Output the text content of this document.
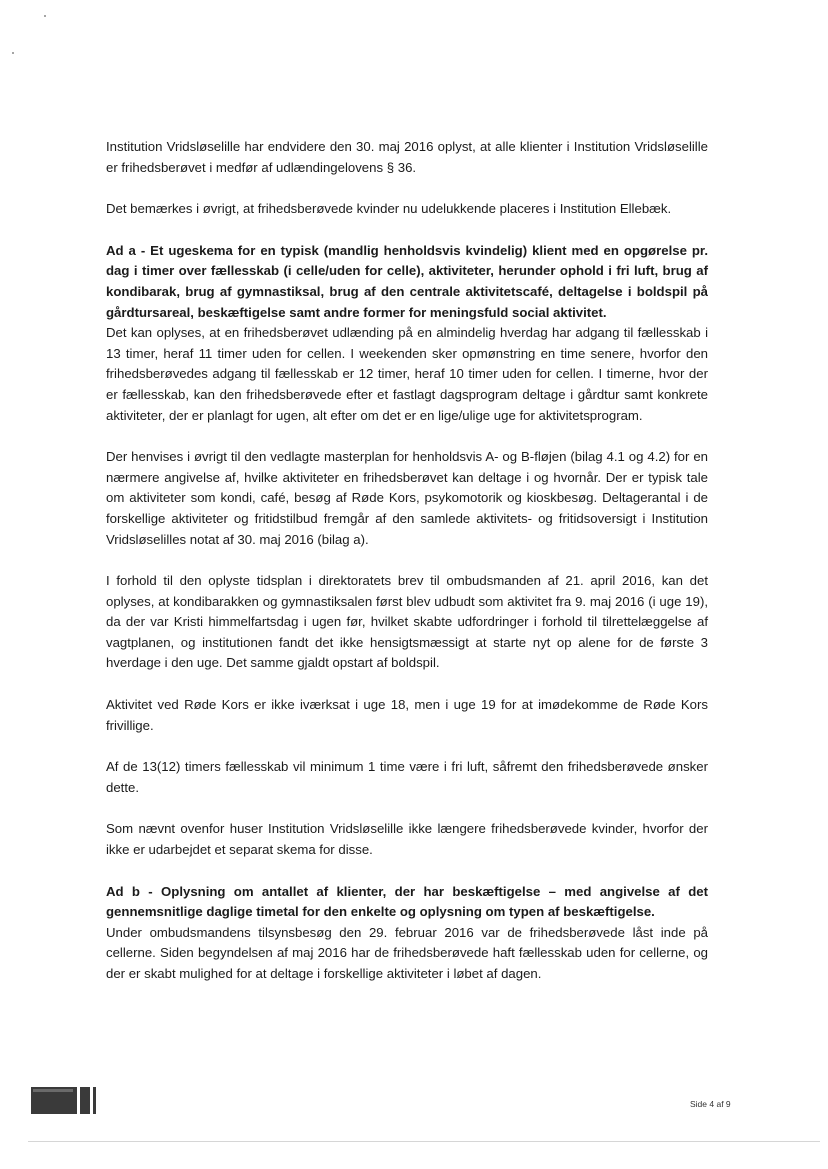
Institution Vridsløselille har endvidere den 30. maj 2016 oplyst, at alle klienter i Institution Vridsløselille er frihedsberøvet i medfør af udlændingelovens § 36.

Det bemærkes i øvrigt, at frihedsberøvede kvinder nu udelukkende placeres i Institution Ellebæk.

Ad a - Et ugeskema for en typisk (mandlig henholdsvis kvindelig) klient med en opgørelse pr. dag i timer over fællesskab (i celle/uden for celle), aktiviteter, herunder ophold i fri luft, brug af kondibarak, brug af gymnastiksal, brug af den centrale aktivitetscafé, deltagelse i boldspil på gårdtursareal, beskæftigelse samt andre former for meningsfuld social aktivitet.

Det kan oplyses, at en frihedsberøvet udlænding på en almindelig hverdag har adgang til fællesskab i 13 timer, heraf 11 timer uden for cellen. I weekenden sker opmønstring en time senere, hvorfor den frihedsberøvedes adgang til fællesskab er 12 timer, heraf 10 timer uden for cellen. I timerne, hvor der er fællesskab, kan den frihedsberøvede efter et fastlagt dagsprogram deltage i gårdtur samt konkrete aktiviteter, der er planlagt for ugen, alt efter om det er en lige/ulige uge for aktivitetsprogram.

Der henvises i øvrigt til den vedlagte masterplan for henholdsvis A- og B-fløjen (bilag 4.1 og 4.2) for en nærmere angivelse af, hvilke aktiviteter en frihedsberøvet kan deltage i og hvornår. Der er typisk tale om aktiviteter som kondi, café, besøg af Røde Kors, psykomotorik og kioskbesøg. Deltagerantal i de forskellige aktiviteter og fritidstilbud fremgår af den samlede aktivitets- og fritidsoversigt i Institution Vridsløselilles notat af 30. maj 2016 (bilag a).

I forhold til den oplyste tidsplan i direktoratets brev til ombudsmanden af 21. april 2016, kan det oplyses, at kondibarakken og gymnastiksalen først blev udbudt som aktivitet fra 9. maj 2016 (i uge 19), da der var Kristi himmelfartsdag i ugen før, hvilket skabte udfordringer i forhold til tilrettelæggelse af vagtplanen, og institutionen fandt det ikke hensigtsmæssigt at starte nyt op alene for de første 3 hverdage i den uge. Det samme gjaldt opstart af boldspil.

Aktivitet ved Røde Kors er ikke iværksat i uge 18, men i uge 19 for at imødekomme de Røde Kors frivillige.

Af de 13(12) timers fællesskab vil minimum 1 time være i fri luft, såfremt den frihedsberøvede ønsker dette.

Som nævnt ovenfor huser Institution Vridsløselille ikke længere frihedsberøvede kvinder, hvorfor der ikke er udarbejdet et separat skema for disse.

Ad b - Oplysning om antallet af klienter, der har beskæftigelse – med angivelse af det gennemsnitlige daglige timetal for den enkelte og oplysning om typen af beskæftigelse.

Under ombudsmandens tilsynsbesøg den 29. februar 2016 var de frihedsberøvede låst inde på cellerne. Siden begyndelsen af maj 2016 har de frihedsberøvede haft fællesskab uden for cellerne, og der er skabt mulighed for at deltage i forskellige aktiviteter i løbet af dagen.

Side 4 af 9
